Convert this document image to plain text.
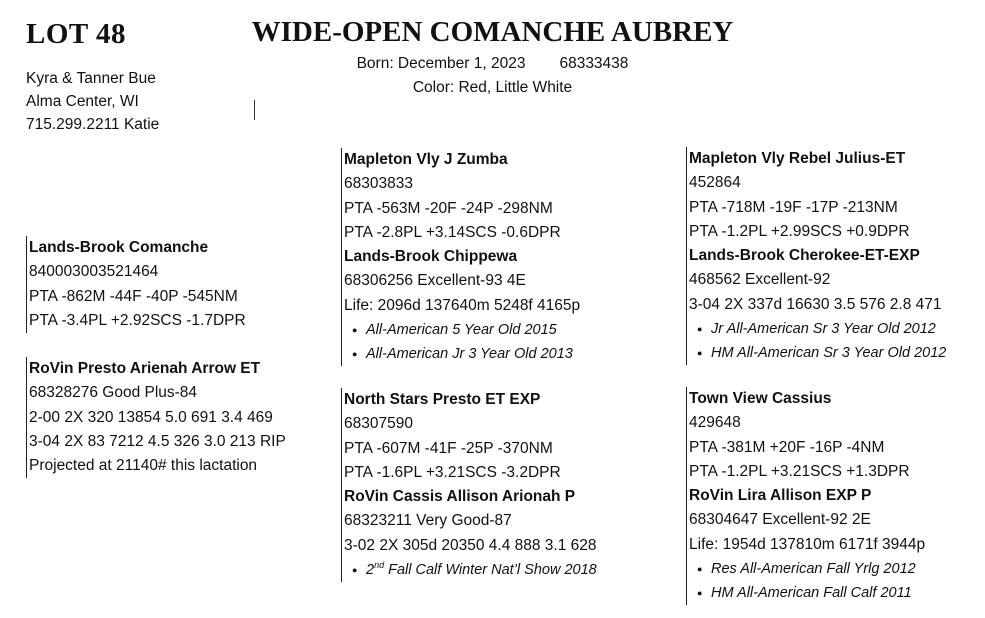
LOT 48	WIDE-OPEN COMANCHE AUBREY
Born: December 1, 2023 68333438
Color: Red, Little White
Kyra & Tanner Bue
Alma Center, WI
715.299.2211 Katie
Lands-Brook Comanche
840003003521464
PTA -862M -44F -40P -545NM
PTA -3.4PL +2.92SCS -1.7DPR
RoVin Presto Arienah Arrow ET
68328276 Good Plus-84
2-00 2X 320 13854 5.0 691 3.4 469
3-04 2X 83 7212 4.5 326 3.0 213 RIP
Projected at 21140# this lactation
Mapleton Vly J Zumba
68303833
PTA -563M -20F -24P -298NM
PTA -2.8PL +3.14SCS -0.6DPR
Lands-Brook Chippewa
68306256 Excellent-93 4E
Life: 2096d 137640m 5248f 4165p
● All-American 5 Year Old 2015
● All-American Jr 3 Year Old 2013
North Stars Presto ET EXP
68307590
PTA -607M -41F -25P -370NM
PTA -1.6PL +3.21SCS -3.2DPR
RoVin Cassis Allison Arionah P
68323211 Very Good-87
3-02 2X 305d 20350 4.4 888 3.1 628
● 2nd Fall Calf Winter Nat’l Show 2018
Mapleton Vly Rebel Julius-ET
452864
PTA -718M -19F -17P -213NM
PTA -1.2PL +2.99SCS +0.9DPR
Lands-Brook Cherokee-ET-EXP
468562 Excellent-92
3-04 2X 337d 16630 3.5 576 2.8 471
● Jr All-American Sr 3 Year Old 2012
● HM All-American Sr 3 Year Old 2012
Town View Cassius
429648
PTA -381M +20F -16P -4NM
PTA -1.2PL +3.21SCS +1.3DPR
RoVin Lira Allison EXP P
68304647 Excellent-92 2E
Life: 1954d 137810m 6171f 3944p
● Res All-American Fall Yrlg 2012
● HM All-American Fall Calf 2011
